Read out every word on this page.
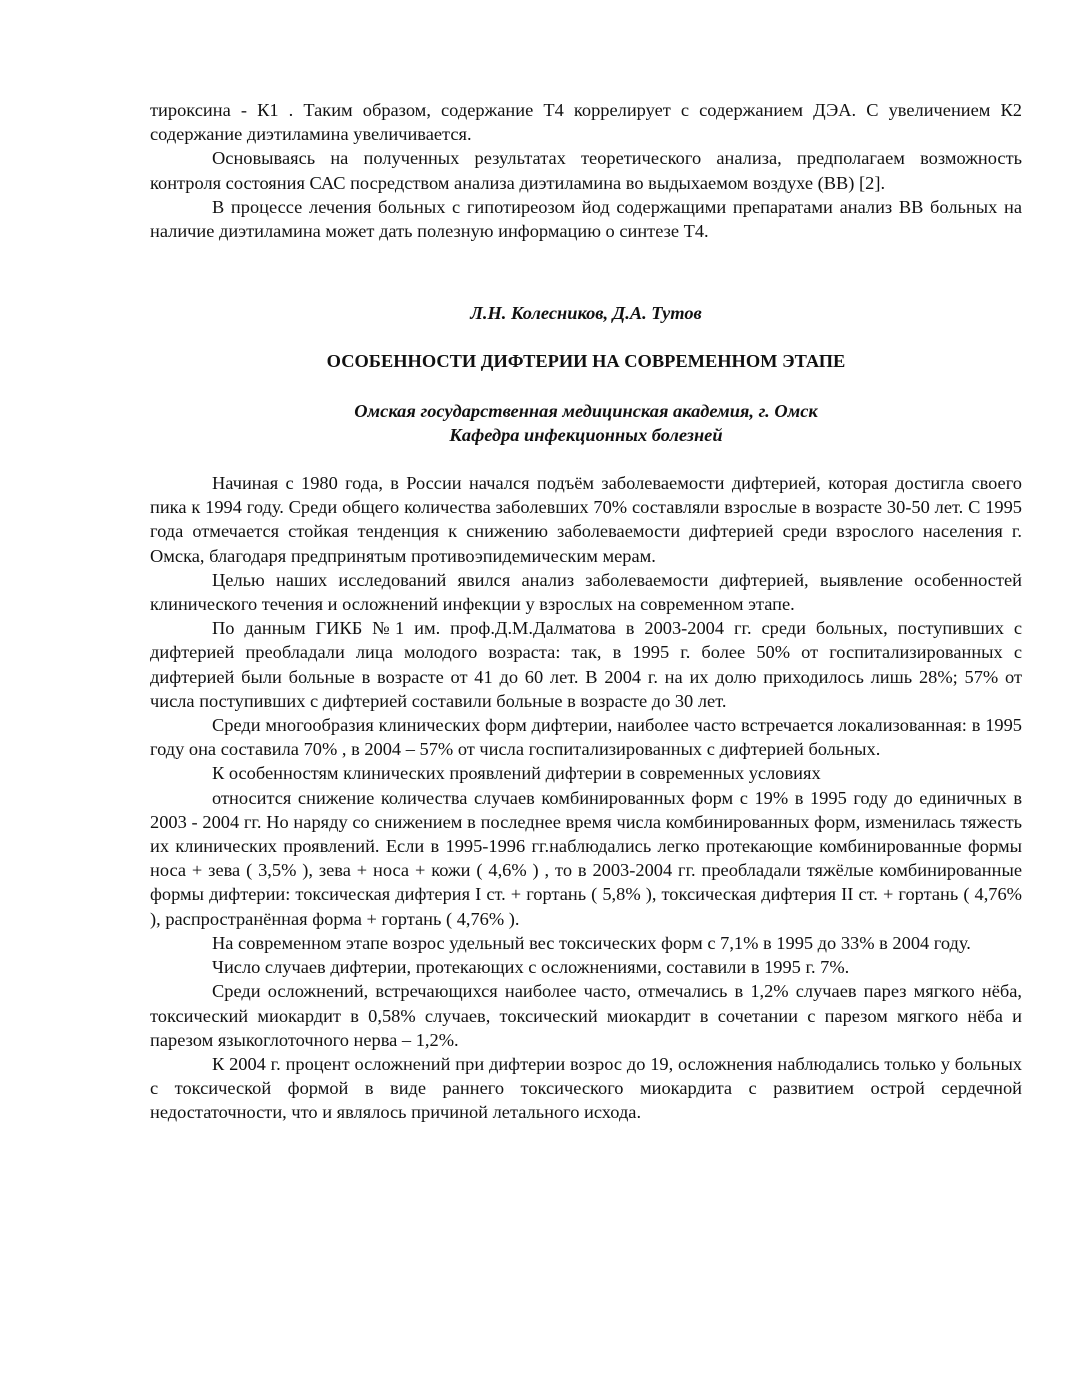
тироксина - К1 . Таким образом, содержание Т4 коррелирует с содержанием ДЭА. С увеличением К2 содержание диэтиламина увеличивается.

Основываясь на полученных результатах теоретического анализа, предполагаем возможность контроля состояния САС посредством анализа диэтиламина во выдыхаемом воздухе (ВВ) [2].

В процессе лечения больных с гипотиреозом йод содержащими препаратами анализ ВВ больных на наличие диэтиламина может дать полезную информацию о синтезе Т4.

Л.Н. Колесников, Д.А. Тутов

ОСОБЕННОСТИ ДИФТЕРИИ НА СОВРЕМЕННОМ ЭТАПЕ

Омская государственная медицинская академия, г. Омск
Кафедра инфекционных болезней

Начиная с 1980 года, в России начался подъём заболеваемости дифтерией, которая достигла своего пика к 1994 году. Среди общего количества заболевших 70% составляли взрослые в возрасте 30-50 лет. С 1995 года отмечается стойкая тенденция к снижению заболеваемости дифтерией среди взрослого населения г. Омска, благодаря предпринятым противоэпидемическим мерам.

Целью наших исследований явился анализ заболеваемости дифтерией, выявление особенностей клинического течения и осложнений инфекции у взрослых на современном этапе.

По данным ГИКБ №1 им. проф.Д.М.Далматова в 2003-2004 гг. среди больных, поступивших с дифтерией преобладали лица молодого возраста: так, в 1995 г. более 50% от госпитализированных с дифтерией были больные в возрасте от 41 до 60 лет. В 2004 г. на их долю приходилось лишь 28%; 57% от числа поступивших с дифтерией составили больные в возрасте до 30 лет.

Среди многообразия клинических форм дифтерии, наиболее часто встречается локализованная: в 1995 году она составила 70% , в 2004 – 57% от числа госпитализированных с дифтерией больных.

К особенностям клинических проявлений дифтерии в современных условиях

относится снижение количества случаев комбинированных форм с 19% в 1995 году до единичных в 2003 - 2004 гг. Но наряду со снижением в последнее время числа комбинированных форм, изменилась тяжесть их клинических проявлений. Если в 1995-1996 гг.наблюдались легко протекающие комбинированные формы носа + зева ( 3,5% ), зева + носа + кожи ( 4,6% ) , то в 2003-2004 гг. преобладали тяжёлые комбинированные формы дифтерии: токсическая дифтерия I ст. + гортань ( 5,8% ), токсическая дифтерия II ст. + гортань ( 4,76% ), распространённая форма + гортань ( 4,76% ).

На современном этапе возрос удельный вес токсических форм с 7,1% в 1995 до 33% в 2004 году.

Число случаев дифтерии, протекающих с осложнениями, составили в 1995 г. 7%.

Среди осложнений, встречающихся наиболее часто, отмечались в 1,2% случаев парез мягкого нёба, токсический миокардит в 0,58% случаев, токсический миокардит в сочетании с парезом мягкого нёба и парезом языкоглоточного нерва – 1,2%.

К 2004 г. процент осложнений при дифтерии возрос до 19, осложнения наблюдались только у больных с токсической формой в виде раннего токсического миокардита с развитием острой сердечной недостаточности, что и являлось причиной летального исхода.
